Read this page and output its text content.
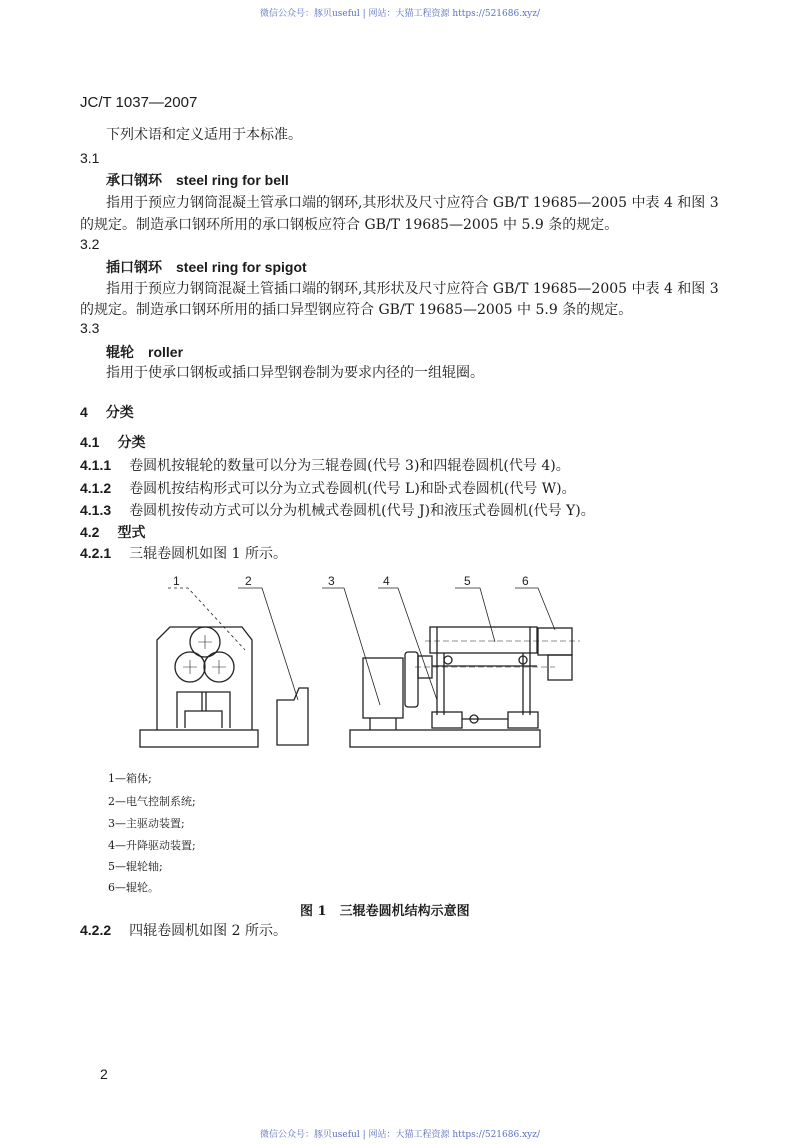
微信公众号：豚贝useful | 网站：大猫工程资源 https://521686.xyz/
JC/T 1037—2007
下列术语和定义适用于本标准。
3.1
承口钢环 steel ring for bell
指用于预应力钢筒混凝土管承口端的钢环,其形状及尺寸应符合 GB/T 19685—2005 中表 4 和图 3
的规定。制造承口钢环所用的承口钢板应符合 GB/T 19685—2005 中 5.9 条的规定。
3.2
插口钢环 steel ring for spigot
指用于预应力钢筒混凝土管插口端的钢环,其形状及尺寸应符合 GB/T 19685—2005 中表 4 和图 3
的规定。制造承口钢环所用的插口异型钢应符合 GB/T 19685—2005 中 5.9 条的规定。
3.3
辊轮 roller
指用于使承口钢板或插口异型钢卷制为要求内径的一组辊圈。
4 分类
4.1 分类
4.1.1 卷圆机按辊轮的数量可以分为三辊卷圆(代号 3)和四辊卷圆机(代号 4)。
4.1.2 卷圆机按结构形式可以分为立式卷圆机(代号 L)和卧式卷圆机(代号 W)。
4.1.3 卷圆机按传动方式可以分为机械式卷圆机(代号 J)和液压式卷圆机(代号 Y)。
4.2 型式
4.2.1 三辊卷圆机如图 1 所示。
1	2	3	4	5	6
1—箱体;
2—电气控制系统;
3—主驱动装置;
4—升降驱动装置;
5—辊轮轴;
6—辊轮。
图 1　三辊卷圆机结构示意图
4.2.2 四辊卷圆机如图 2 所示。
2
微信公众号：豚贝useful | 网站：大猫工程资源 https://521686.xyz/
